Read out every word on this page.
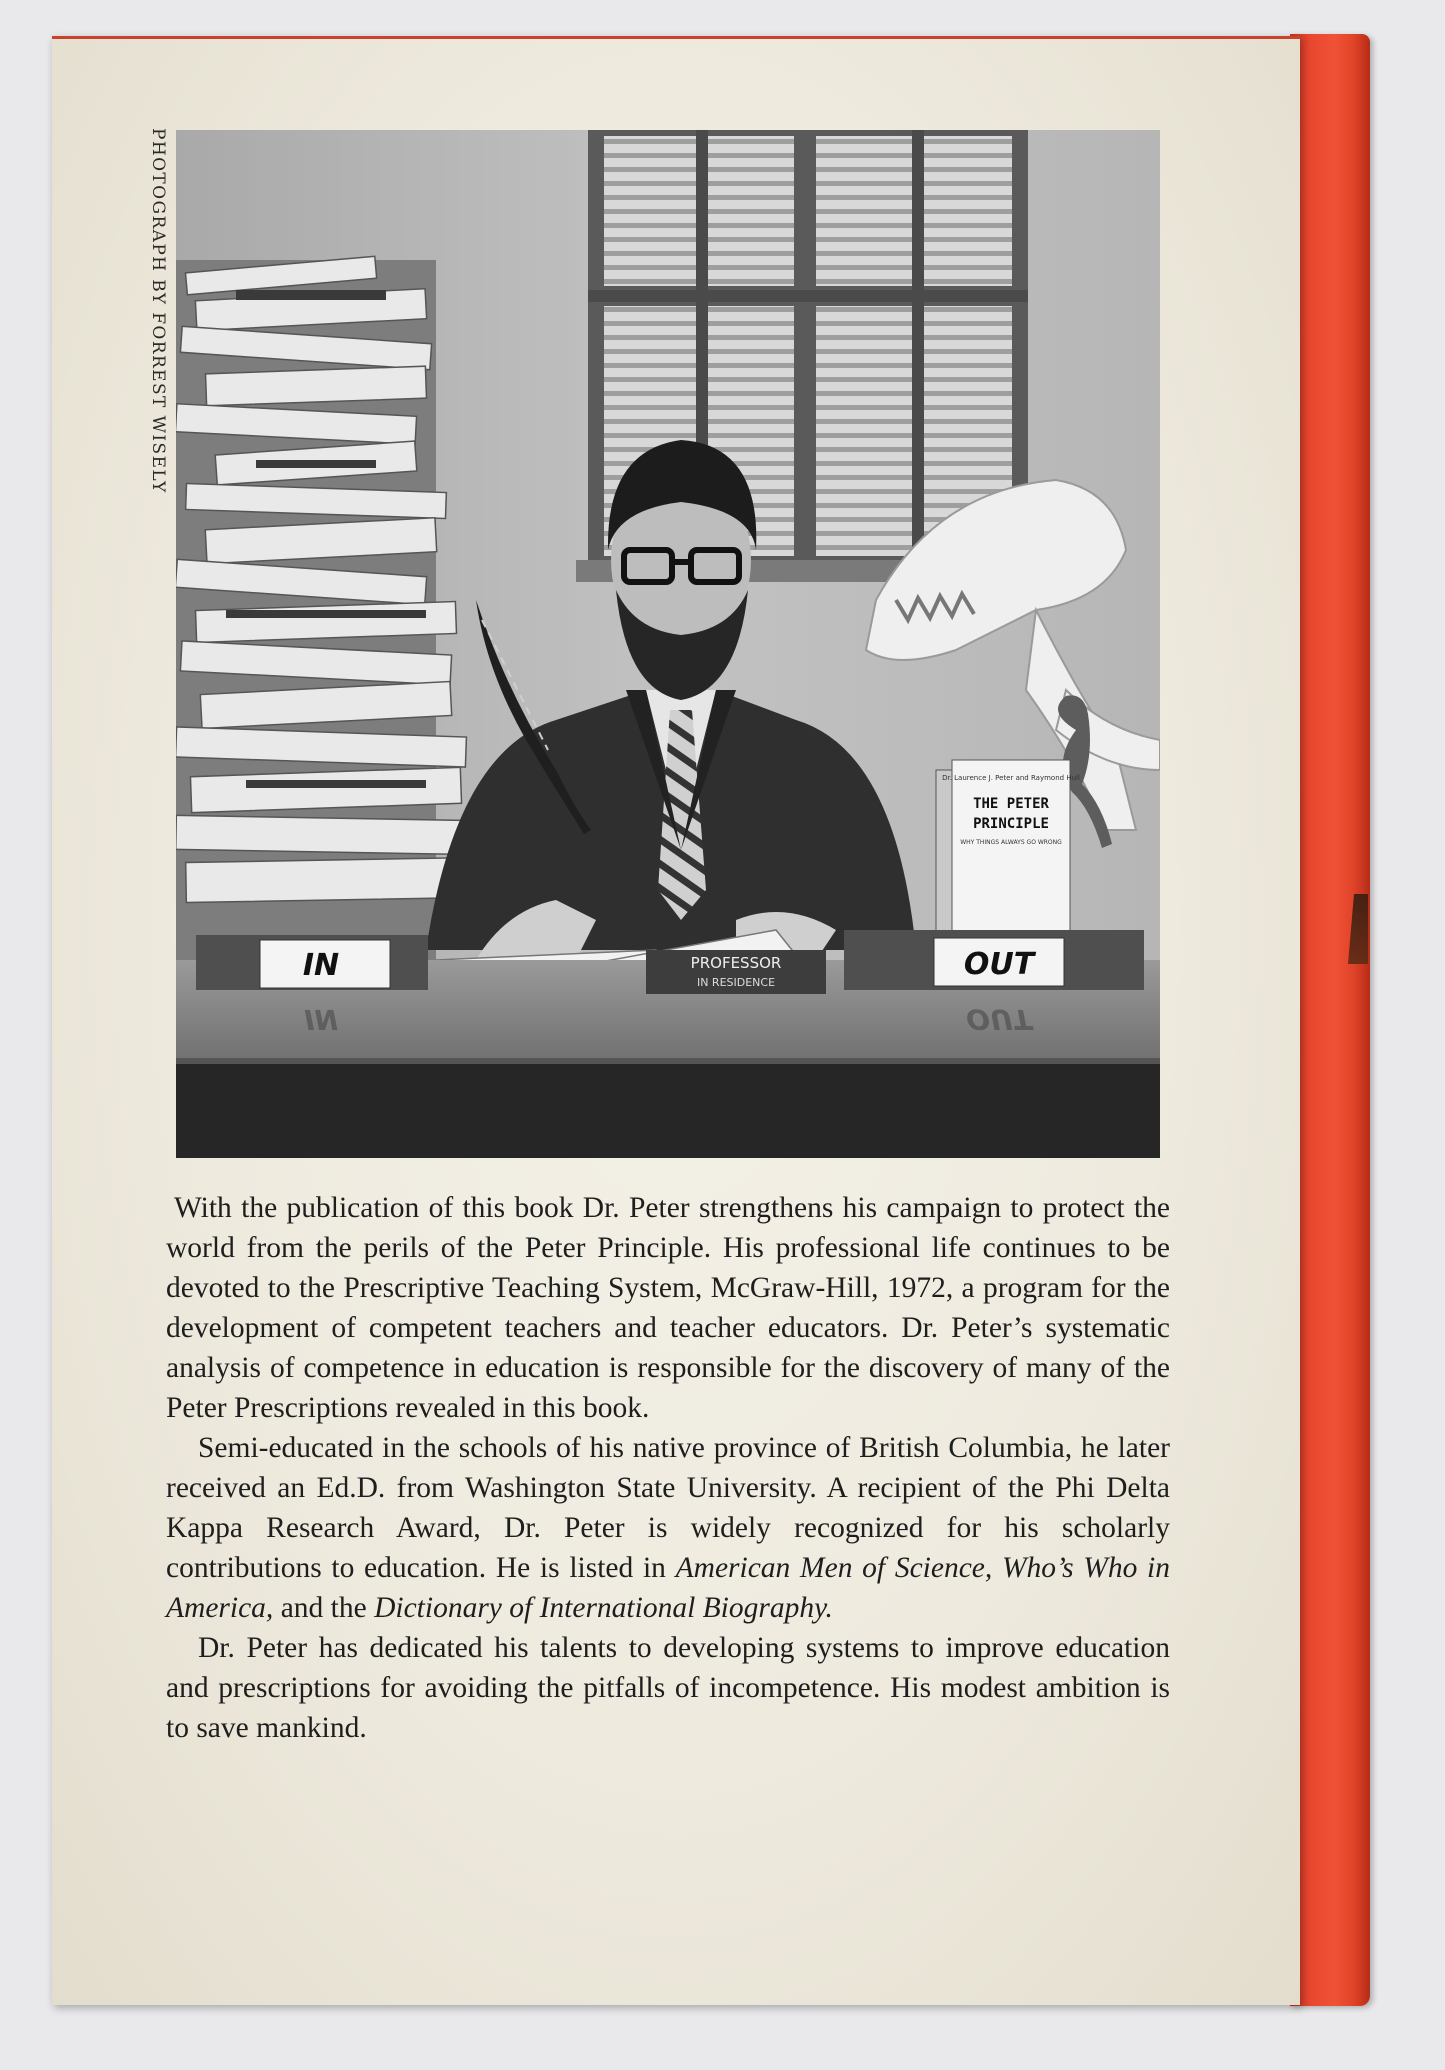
PHOTOGRAPH BY FORREST WISELY
Dr. Laurence J. Peter and Raymond Hull
THE PETER
PRINCIPLE
WHY THINGS ALWAYS GO WRONG
IN
IN
PROFESSOR
IN RESIDENCE
OUT
OUT

With the publication of this book Dr. Peter strengthens his campaign to protect the world from the perils of the Peter Principle. His professional life continues to be devoted to the Prescriptive Teaching System, McGraw-Hill, 1972, a program for the development of competent teachers and teacher educators. Dr. Peter’s systematic analysis of competence in education is responsible for the discovery of many of the Peter Prescriptions revealed in this book.

Semi-educated in the schools of his native province of British Columbia, he later received an Ed.D. from Washington State University. A recipient of the Phi Delta Kappa Research Award, Dr. Peter is widely recognized for his scholarly contributions to education. He is listed in American Men of Science, Who’s Who in America, and the Dictionary of International Biography.

Dr. Peter has dedicated his talents to developing systems to improve education and prescriptions for avoiding the pitfalls of incompetence. His modest ambition is to save mankind.
